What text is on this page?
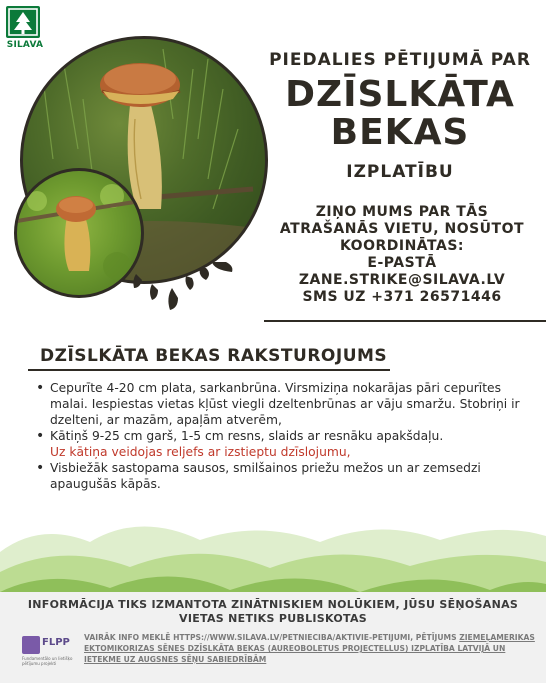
SILAVA
PIEDALIES PĒTIJUMĀ PAR
DZĪSLKĀTA
BEKAS
IZPLATĪBU
ZIŅO MUMS PAR TĀS
ATRAŠANĀS VIETU, NOSŪTOT
KOORDINĀTAS:
E-PASTĀ
ZANE.STRIKE@SILAVA.LV
SMS UZ +371 26571446
DZĪSLKĀTA BEKAS RAKSTUROJUMS
• Cepurīte 4-20 cm plata, sarkanbrūna. Virsmiziņa nokarājas pāri cepurītes malai. Iespiestas vietas kļūst viegli dzeltenbrūnas ar vāju smaržu. Stobriņi ir dzelteni, ar mazām, apaļām atverēm,
• Kātiņš 9-25 cm garš, 1-5 cm resns, slaids ar resnāku apakšdaļu.
Uz kātiņa veidojas reljefs ar izstieptu dzīslojumu,
• Visbiežāk sastopama sausos, smilšainos priežu mežos un ar zemsedzi apaugušās kāpās.
INFORMĀCIJA TIKS IZMANTOTA ZINĀTNISKIEM NOLŪKIEM, JŪSU SĒŅOŠANAS VIETAS NETIKS PUBLISKOTAS
FLPP
Fundamentālo un lietišķo pētījumu projekti
VAIRĀK INFO MEKLĒ HTTPS://WWW.SILAVA.LV/PETNIECIBA/AKTIVIE-PETIJUMI, PĒTĪJUMS ZIEMEĻAMERIKAS EKTOMIKORIZAS SĒNES DZĪSLKĀTA BEKAS (AUREOBOLETUS PROJECTELLUS) IZPLATĪBA LATVIJĀ UN IETEKME UZ AUGSNES SĒŅU SABIEDRĪBĀM
